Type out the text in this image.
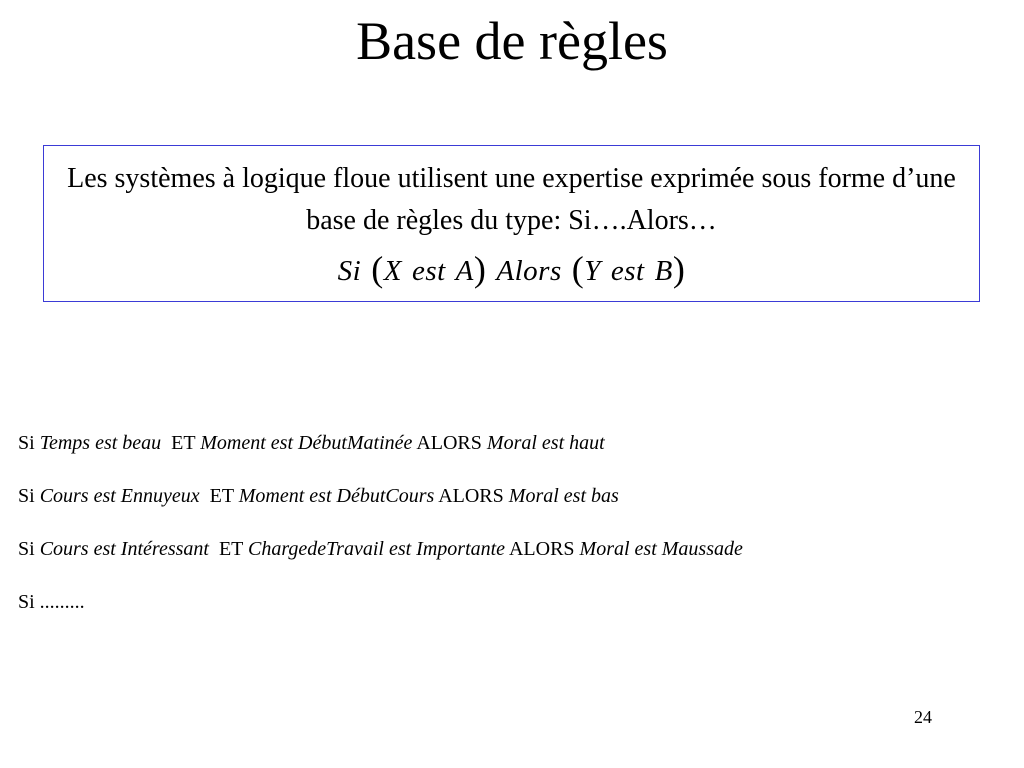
Base de règles
Les systèmes à logique floue utilisent une expertise exprimée sous forme d’une base de règles du type: Si….Alors…
Si (X est A) Alors (Y est B)
Si Temps est beau ET Moment est DébutMatinée ALORS Moral est haut
Si Cours est Ennuyeux ET Moment est DébutCours ALORS Moral est bas
Si Cours est Intéressant ET ChargedeTravail est Importante ALORS Moral est Maussade
Si .........
24
